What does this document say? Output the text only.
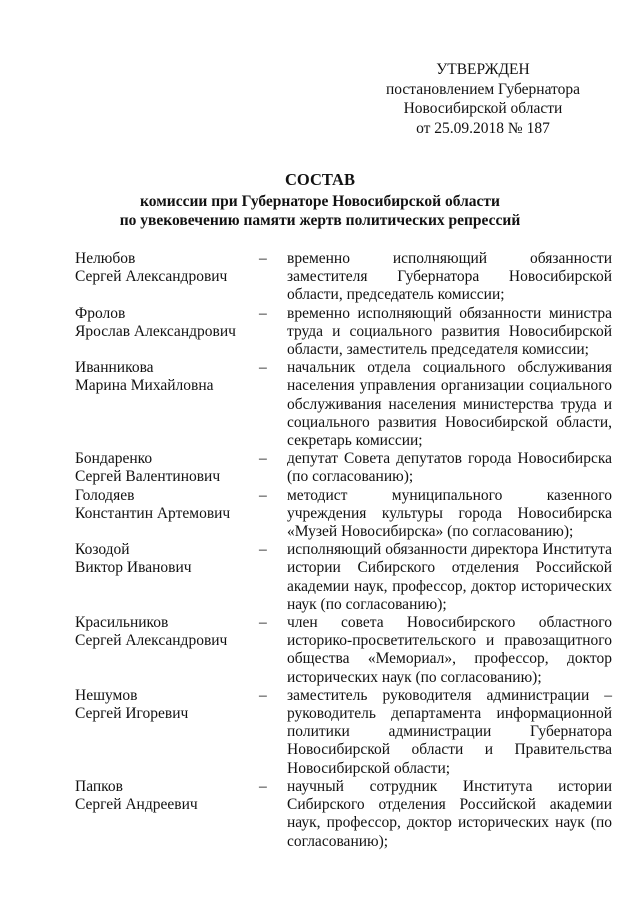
УТВЕРЖДЕН
постановлением Губернатора
Новосибирской области
от 25.09.2018 № 187
СОСТАВ
комиссии при Губернаторе Новосибирской области
по увековечению памяти жертв политических репрессий
Нелюбов
Сергей Александрович
–	временно исполняющий обязанности заместителя Губернатора Новосибирской области, председатель комиссии;
Фролов
Ярослав Александрович
–	временно исполняющий обязанности министра труда и социального развития Новосибирской области, заместитель председателя комиссии;
Иванникова
Марина Михайловна
–	начальник отдела социального обслуживания населения управления организации социального обслуживания населения министерства труда и социального развития Новосибирской области, секретарь комиссии;
Бондаренко
Сергей Валентинович
–	депутат Совета депутатов города Новосибирска (по согласованию);
Голодяев
Константин Артемович
–	методист муниципального казенного учреждения культуры города Новосибирска «Музей Новосибирска» (по согласованию);
Козодой
Виктор Иванович
–	исполняющий обязанности директора Института истории Сибирского отделения Российской академии наук, профессор, доктор исторических наук (по согласованию);
Красильников
Сергей Александрович
–	член совета Новосибирского областного историко-просветительского и правозащитного общества «Мемориал», профессор, доктор исторических наук (по согласованию);
Нешумов
Сергей Игоревич
–	заместитель руководителя администрации – руководитель департамента информационной политики администрации Губернатора Новосибирской области и Правительства Новосибирской области;
Папков
Сергей Андреевич
–	научный сотрудник Института истории Сибирского отделения Российской академии наук, профессор, доктор исторических наук (по согласованию);
